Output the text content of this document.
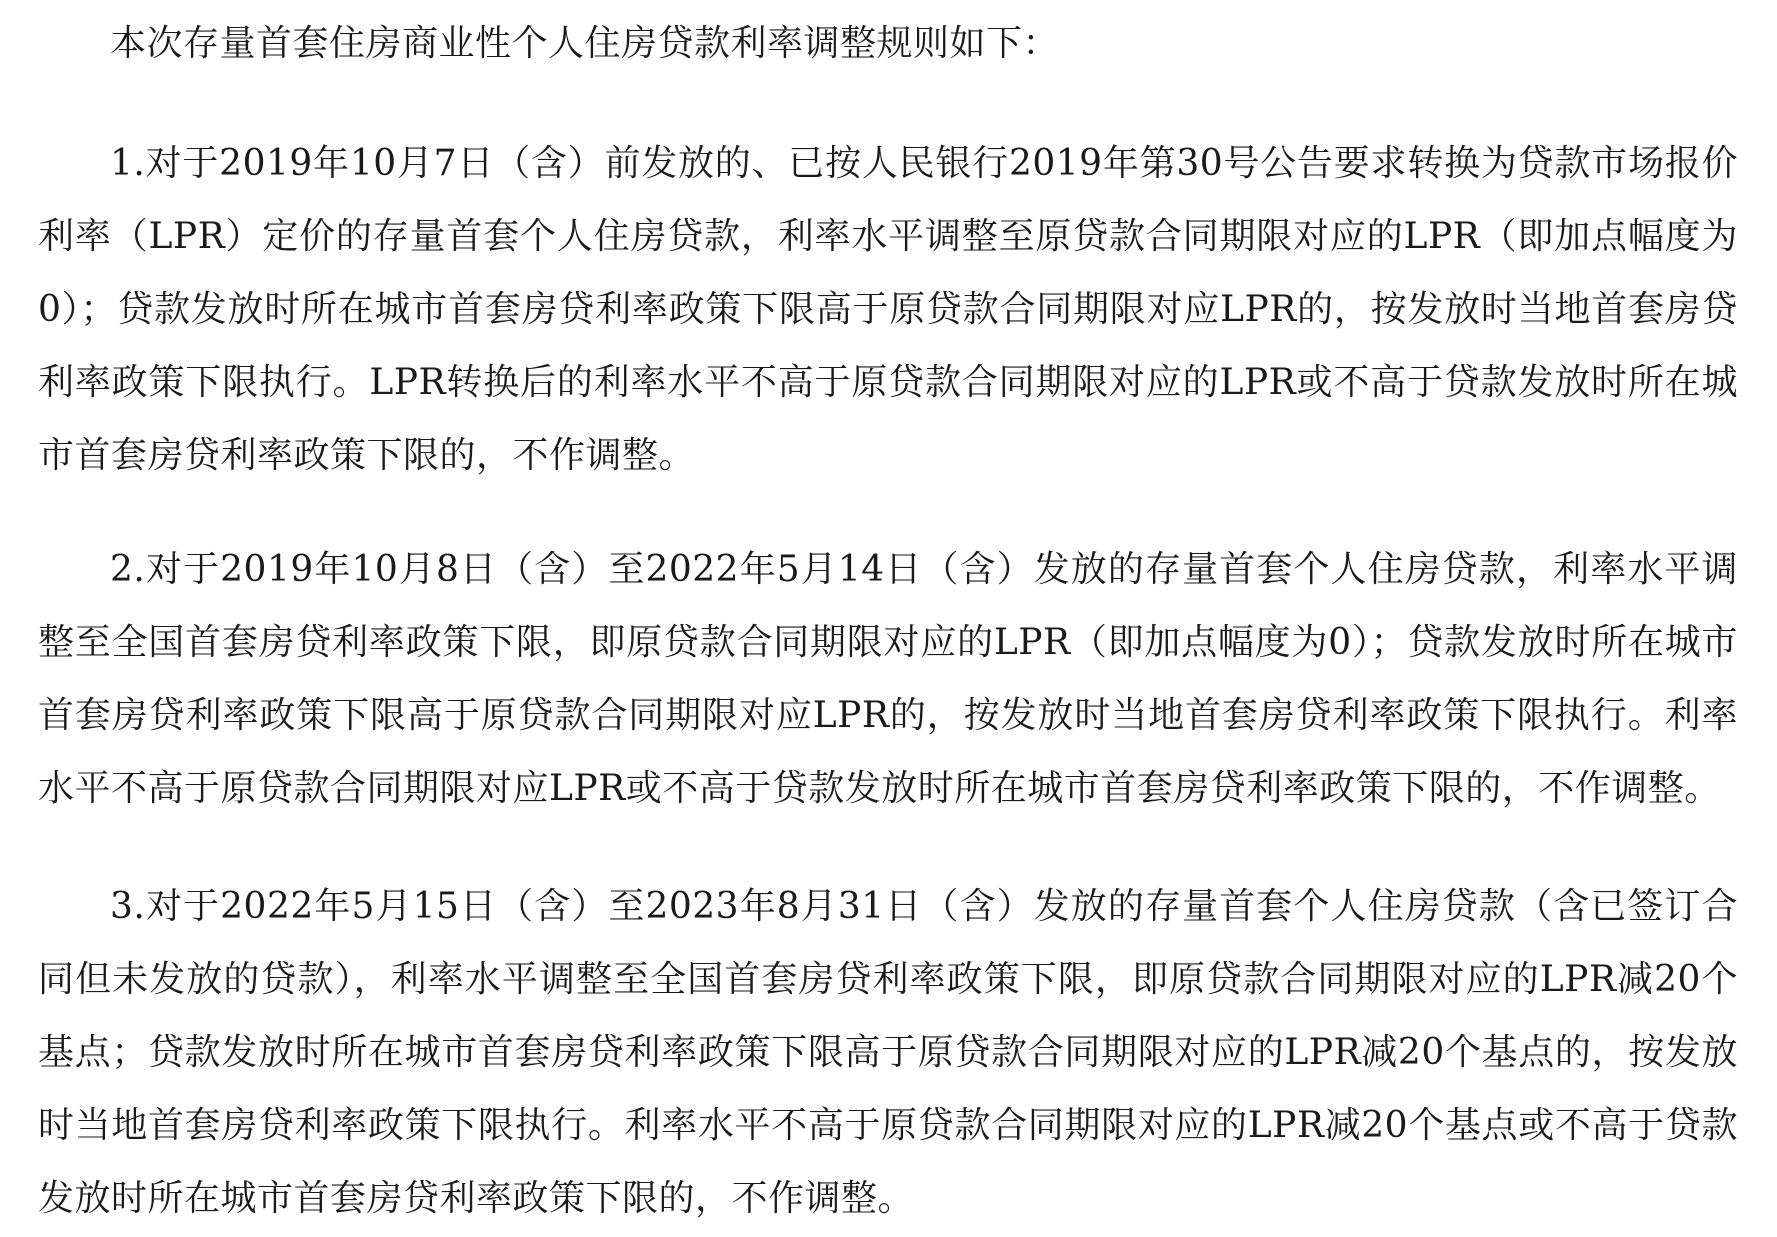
本次存量首套住房商业性个人住房贷款利率调整规则如下：

1.对于2019年10月7日（含）前发放的、已按人民银行2019年第30号公告要求转换为贷款市场报价利率（LPR）定价的存量首套个人住房贷款，利率水平调整至原贷款合同期限对应的LPR（即加点幅度为0）；贷款发放时所在城市首套房贷利率政策下限高于原贷款合同期限对应LPR的，按发放时当地首套房贷利率政策下限执行。LPR转换后的利率水平不高于原贷款合同期限对应的LPR或不高于贷款发放时所在城市首套房贷利率政策下限的，不作调整。

2.对于2019年10月8日（含）至2022年5月14日（含）发放的存量首套个人住房贷款，利率水平调整至全国首套房贷利率政策下限，即原贷款合同期限对应的LPR（即加点幅度为0）；贷款发放时所在城市首套房贷利率政策下限高于原贷款合同期限对应LPR的，按发放时当地首套房贷利率政策下限执行。利率水平不高于原贷款合同期限对应LPR或不高于贷款发放时所在城市首套房贷利率政策下限的，不作调整。

3.对于2022年5月15日（含）至2023年8月31日（含）发放的存量首套个人住房贷款（含已签订合同但未发放的贷款），利率水平调整至全国首套房贷利率政策下限，即原贷款合同期限对应的LPR减20个基点；贷款发放时所在城市首套房贷利率政策下限高于原贷款合同期限对应的LPR减20个基点的，按发放时当地首套房贷利率政策下限执行。利率水平不高于原贷款合同期限对应的LPR减20个基点或不高于贷款发放时所在城市首套房贷利率政策下限的，不作调整。
